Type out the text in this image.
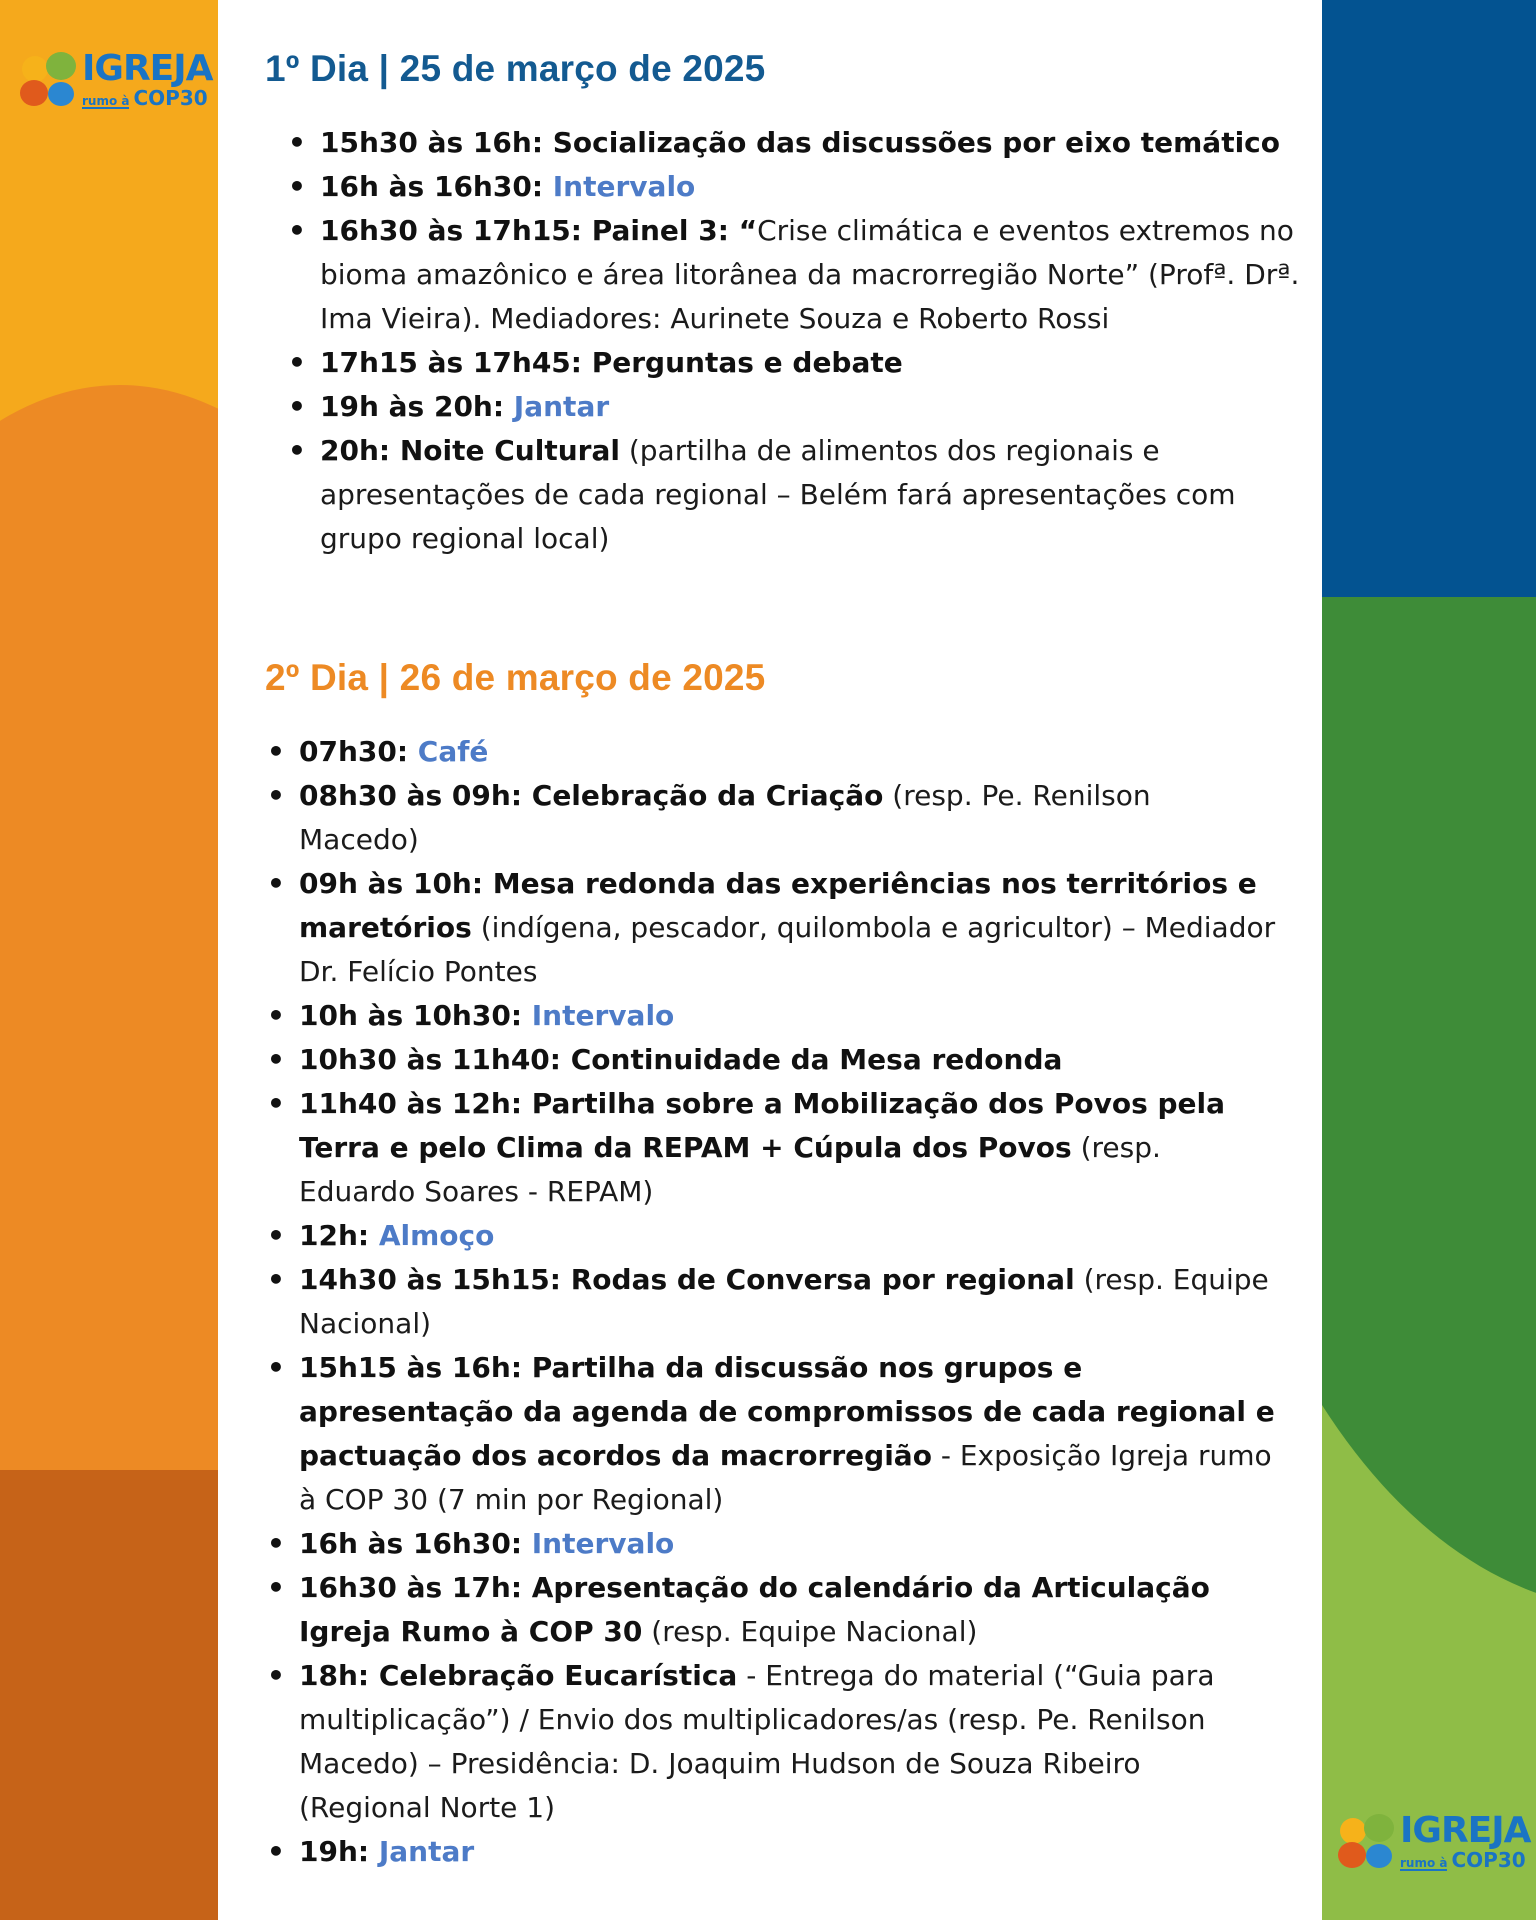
IGREJA
rumo à COP30
IGREJA
rumo à COP30
1º Dia | 25 de março de 2025
• 15h30 às 16h: Socialização das discussões por eixo temático
• 16h às 16h30: Intervalo
• 16h30 às 17h15: Painel 3: “Crise climática e eventos extremos no bioma amazônico e área litorânea da macrorregião Norte” (Profª. Drª. Ima Vieira). Mediadores: Aurinete Souza e Roberto Rossi
• 17h15 às 17h45: Perguntas e debate
• 19h às 20h: Jantar
• 20h: Noite Cultural (partilha de alimentos dos regionais e apresentações de cada regional – Belém fará apresentações com grupo regional local)
2º Dia | 26 de março de 2025
• 07h30: Café
• 08h30 às 09h: Celebração da Criação (resp. Pe. Renilson Macedo)
• 09h às 10h: Mesa redonda das experiências nos territórios e maretórios (indígena, pescador, quilombola e agricultor) – Mediador Dr. Felício Pontes
• 10h às 10h30: Intervalo
• 10h30 às 11h40: Continuidade da Mesa redonda
• 11h40 às 12h: Partilha sobre a Mobilização dos Povos pela Terra e pelo Clima da REPAM + Cúpula dos Povos (resp. Eduardo Soares - REPAM)
• 12h: Almoço
• 14h30 às 15h15: Rodas de Conversa por regional (resp. Equipe Nacional)
• 15h15 às 16h: Partilha da discussão nos grupos e apresentação da agenda de compromissos de cada regional e pactuação dos acordos da macrorregião - Exposição Igreja rumo à COP 30 (7 min por Regional)
• 16h às 16h30: Intervalo
• 16h30 às 17h: Apresentação do calendário da Articulação Igreja Rumo à COP 30 (resp. Equipe Nacional)
• 18h: Celebração Eucarística - Entrega do material (“Guia para multiplicação”) / Envio dos multiplicadores/as (resp. Pe. Renilson Macedo) – Presidência: D. Joaquim Hudson de Souza Ribeiro (Regional Norte 1)
• 19h: Jantar
